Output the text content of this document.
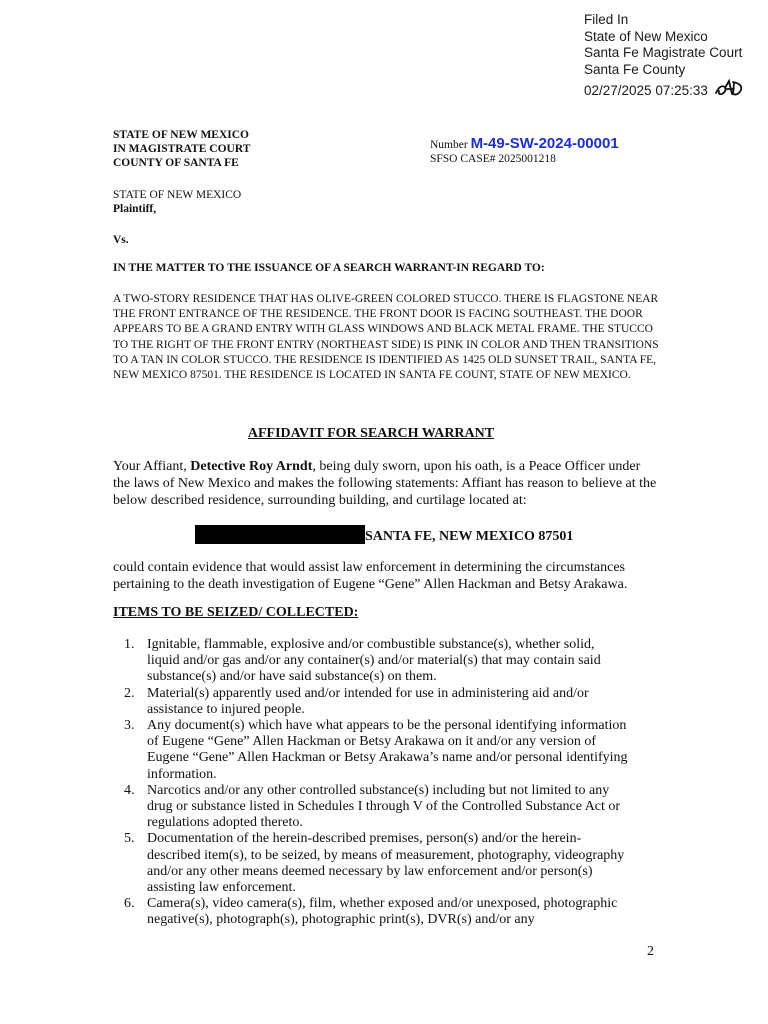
Filed In
State of New Mexico
Santa Fe Magistrate Court
Santa Fe County
02/27/2025 07:25:33
STATE OF NEW MEXICO
IN MAGISTRATE COURT
COUNTY OF SANTA FE
Number M-49-SW-2024-00001
SFSO CASE# 2025001218
STATE OF NEW MEXICO
Plaintiff,
Vs.
IN THE MATTER TO THE ISSUANCE OF A SEARCH WARRANT-IN REGARD TO:
A TWO-STORY RESIDENCE THAT HAS OLIVE-GREEN COLORED STUCCO. THERE IS FLAGSTONE NEAR THE FRONT ENTRANCE OF THE RESIDENCE. THE FRONT DOOR IS FACING SOUTHEAST. THE DOOR APPEARS TO BE A GRAND ENTRY WITH GLASS WINDOWS AND BLACK METAL FRAME. THE STUCCO TO THE RIGHT OF THE FRONT ENTRY (NORTHEAST SIDE) IS PINK IN COLOR AND THEN TRANSITIONS TO A TAN IN COLOR STUCCO. THE RESIDENCE IS IDENTIFIED AS 1425 OLD SUNSET TRAIL, SANTA FE, NEW MEXICO 87501. THE RESIDENCE IS LOCATED IN SANTA FE COUNT, STATE OF NEW MEXICO.
AFFIDAVIT FOR SEARCH WARRANT
Your Affiant, Detective Roy Arndt, being duly sworn, upon his oath, is a Peace Officer under the laws of New Mexico and makes the following statements: Affiant has reason to believe at the below described residence, surrounding building, and curtilage located at:
SANTA FE, NEW MEXICO 87501
could contain evidence that would assist law enforcement in determining the circumstances pertaining to the death investigation of Eugene “Gene” Allen Hackman and Betsy Arakawa.
ITEMS TO BE SEIZED/ COLLECTED:
1. Ignitable, flammable, explosive and/or combustible substance(s), whether solid, liquid and/or gas and/or any container(s) and/or material(s) that may contain said substance(s) and/or have said substance(s) on them.
2. Material(s) apparently used and/or intended for use in administering aid and/or assistance to injured people.
3. Any document(s) which have what appears to be the personal identifying information of Eugene “Gene” Allen Hackman or Betsy Arakawa on it and/or any version of Eugene “Gene” Allen Hackman or Betsy Arakawa’s name and/or personal identifying information.
4. Narcotics and/or any other controlled substance(s) including but not limited to any drug or substance listed in Schedules I through V of the Controlled Substance Act or regulations adopted thereto.
5. Documentation of the herein-described premises, person(s) and/or the herein-described item(s), to be seized, by means of measurement, photography, videography and/or any other means deemed necessary by law enforcement and/or person(s) assisting law enforcement.
6. Camera(s), video camera(s), film, whether exposed and/or unexposed, photographic negative(s), photograph(s), photographic print(s), DVR(s) and/or any
2
